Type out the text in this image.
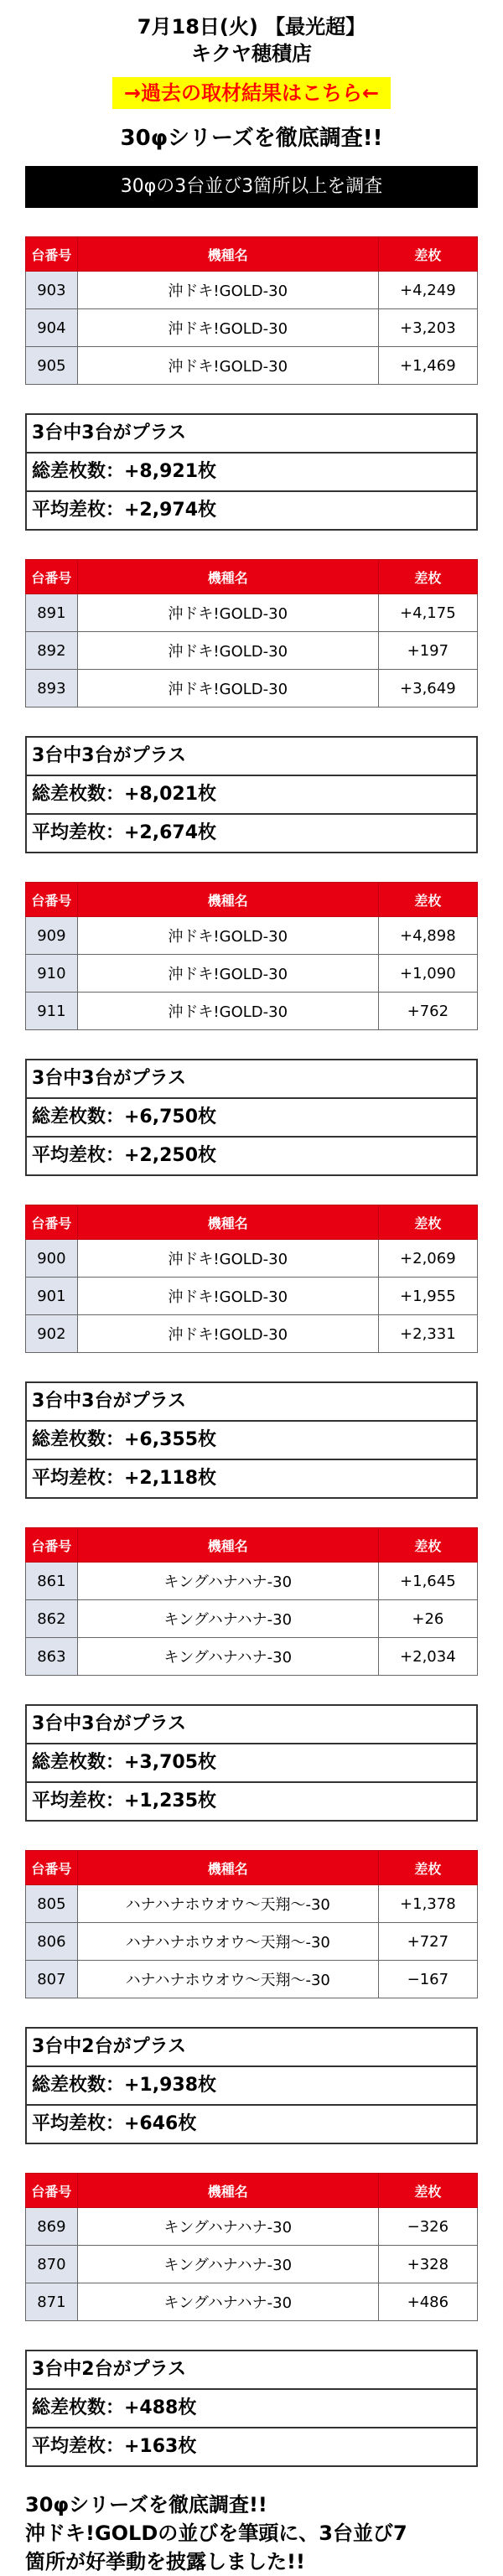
7月18日(火) 【最光超】
キクヤ穂積店
→過去の取材結果はこちら←
30φシリーズを徹底調査!!
30φの3台並び3箇所以上を調査
台番号	機種名	差枚
903	沖ドキ!GOLD-30	+4,249
904	沖ドキ!GOLD-30	+3,203
905	沖ドキ!GOLD-30	+1,469
3台中3台がプラス
総差枚数：+8,921枚
平均差枚：+2,974枚
台番号	機種名	差枚
891	沖ドキ!GOLD-30	+4,175
892	沖ドキ!GOLD-30	+197
893	沖ドキ!GOLD-30	+3,649
3台中3台がプラス
総差枚数：+8,021枚
平均差枚：+2,674枚
台番号	機種名	差枚
909	沖ドキ!GOLD-30	+4,898
910	沖ドキ!GOLD-30	+1,090
911	沖ドキ!GOLD-30	+762
3台中3台がプラス
総差枚数：+6,750枚
平均差枚：+2,250枚
台番号	機種名	差枚
900	沖ドキ!GOLD-30	+2,069
901	沖ドキ!GOLD-30	+1,955
902	沖ドキ!GOLD-30	+2,331
3台中3台がプラス
総差枚数：+6,355枚
平均差枚：+2,118枚
台番号	機種名	差枚
861	キングハナハナ-30	+1,645
862	キングハナハナ-30	+26
863	キングハナハナ-30	+2,034
3台中3台がプラス
総差枚数：+3,705枚
平均差枚：+1,235枚
台番号	機種名	差枚
805	ハナハナホウオウ～天翔～-30	+1,378
806	ハナハナホウオウ～天翔～-30	+727
807	ハナハナホウオウ～天翔～-30	−167
3台中2台がプラス
総差枚数：+1,938枚
平均差枚：+646枚
台番号	機種名	差枚
869	キングハナハナ-30	−326
870	キングハナハナ-30	+328
871	キングハナハナ-30	+486
3台中2台がプラス
総差枚数：+488枚
平均差枚：+163枚
30φシリーズを徹底調査!!
沖ドキ!GOLDの並びを筆頭に、3台並び7
箇所が好挙動を披露しました!!
